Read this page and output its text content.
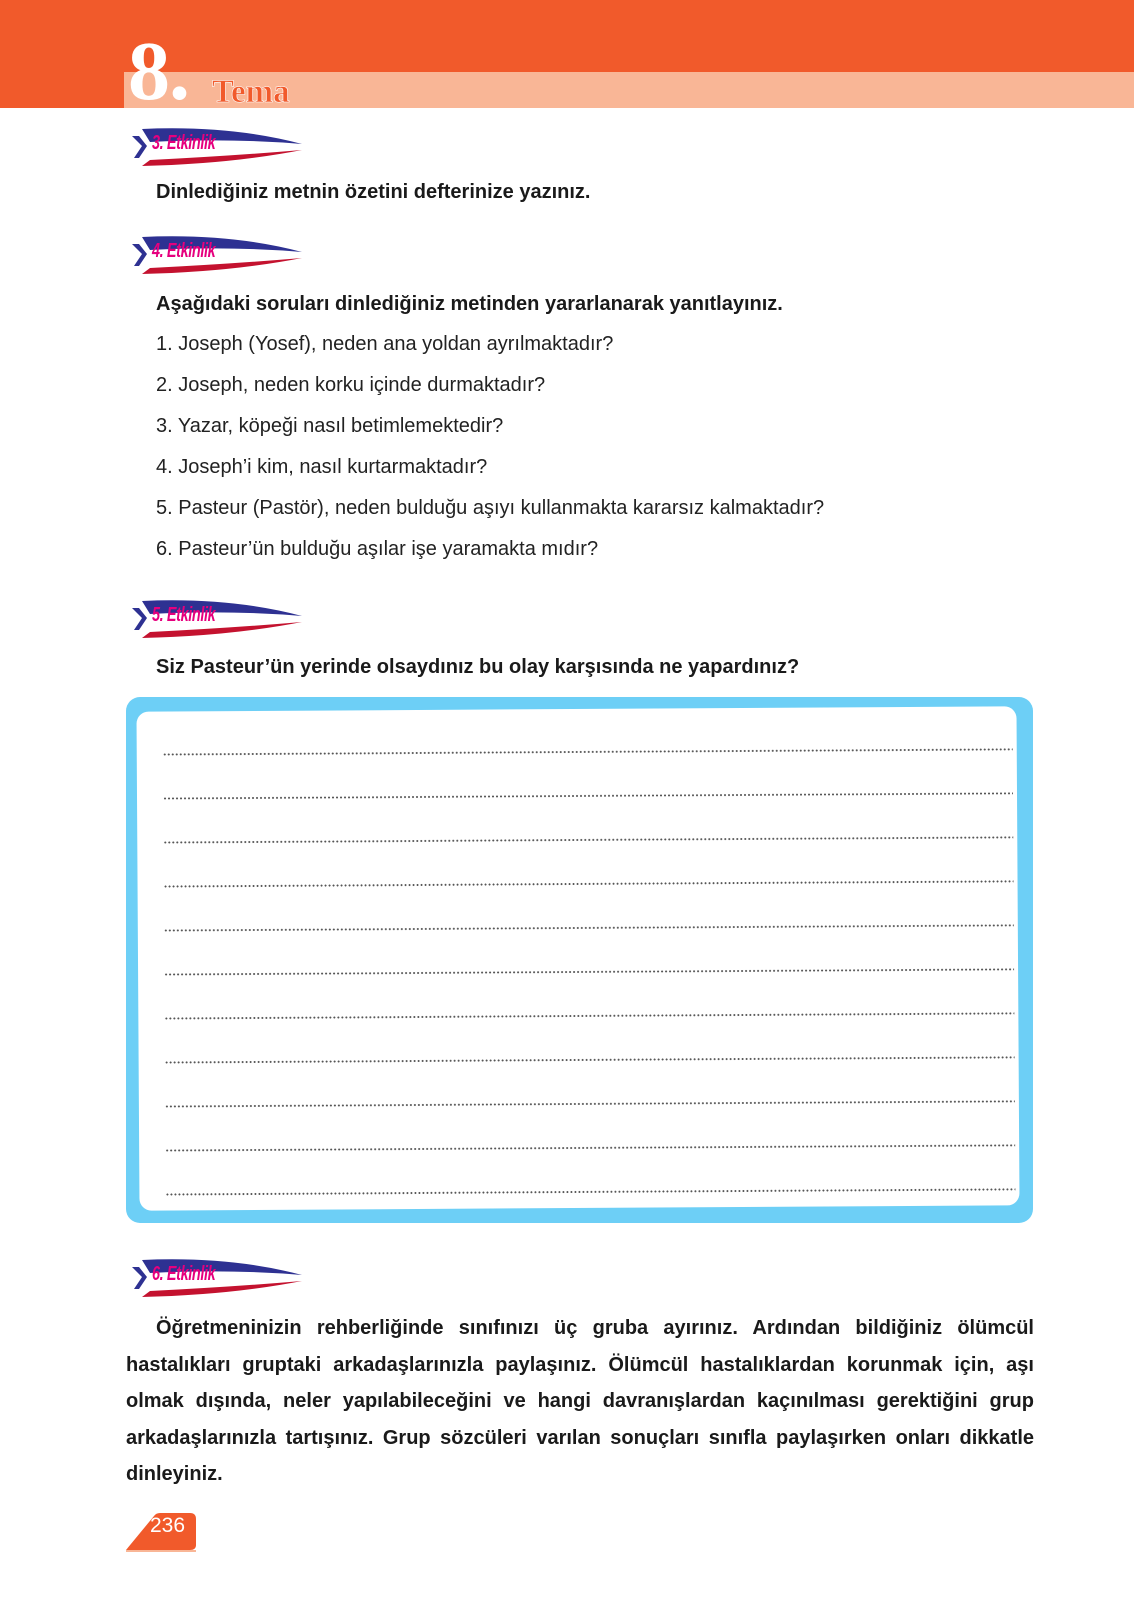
8. Tema
3. Etkinlik
Dinlediğiniz metnin özetini defterinize yazınız.
4. Etkinlik
Aşağıdaki soruları dinlediğiniz metinden yararlanarak yanıtlayınız.
1. Joseph (Yosef), neden ana yoldan ayrılmaktadır?
2. Joseph, neden korku içinde durmaktadır?
3. Yazar, köpeği nasıl betimlemektedir?
4. Joseph’i kim, nasıl kurtarmaktadır?
5. Pasteur (Pastör), neden bulduğu aşıyı kullanmakta kararsız kalmaktadır?
6. Pasteur’ün bulduğu aşılar işe yaramakta mıdır?
5. Etkinlik
Siz Pasteur’ün yerinde olsaydınız bu olay karşısında ne yapardınız?
6. Etkinlik
Öğretmeninizin rehberliğinde sınıfınızı üç gruba ayırınız. Ardından bildiğiniz ölümcül hastalıkları gruptaki arkadaşlarınızla paylaşınız. Ölümcül hastalıklardan korunmak için, aşı olmak dışında, neler yapılabileceğini ve hangi davranışlardan kaçınılması gerektiğini grup arkadaşlarınızla tartışınız. Grup sözcüleri varılan sonuçları sınıfla paylaşırken onları dikkatle dinleyiniz.
236
